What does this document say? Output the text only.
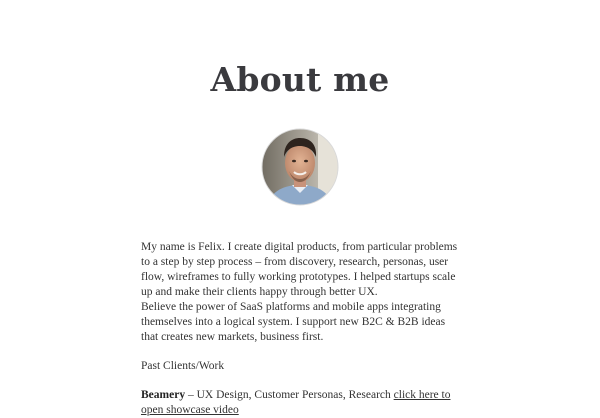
About me

My name is Felix. I create digital products, from particular problems to a step by step process – from discovery, research, personas, user flow, wireframes to fully working prototypes. I helped startups scale up and make their clients happy through better UX.

Believe the power of SaaS platforms and mobile apps integrating themselves into a logical system. I support new B2C & B2B ideas that creates new markets, business first.

Past Clients/Work

Beamery – UX Design, Customer Personas, Research click here to open showcase video
